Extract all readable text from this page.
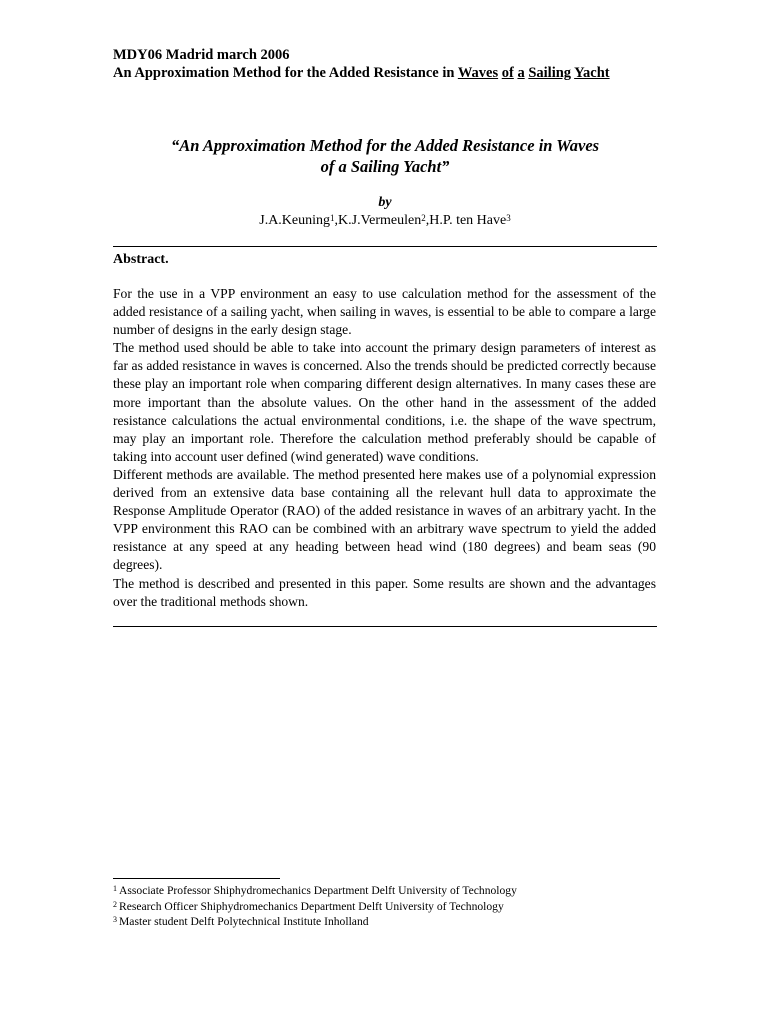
MDY06 Madrid march 2006
An Approximation Method for the Added Resistance in Waves of a Sailing Yacht
“An Approximation Method for the Added Resistance in Waves
of a Sailing Yacht”
by
J.A.Keuning$^1$,K.J.Vermeulen$^2$,H.P. ten Have$^3$
Abstract.

For the use in a VPP environment an easy to use calculation method for the assessment of the added resistance of a sailing yacht, when sailing in waves, is essential to be able to compare a large number of designs in the early design stage.

The method used should be able to take into account the primary design parameters of interest as far as added resistance in waves is concerned. Also the trends should be predicted correctly because these play an important role when comparing different design alternatives. In many cases these are more important than the absolute values. On the other hand in the assessment of the added resistance calculations the actual environmental conditions, i.e. the shape of the wave spectrum, may play an important role. Therefore the calculation method preferably should be capable of taking into account user defined (wind generated) wave conditions.

Different methods are available. The method presented here makes use of a polynomial expression derived from an extensive data base containing all the relevant hull data to approximate the Response Amplitude Operator (RAO) of the added resistance in waves of an arbitrary yacht. In the VPP environment this RAO can be combined with an arbitrary wave spectrum to yield the added resistance at any speed at any heading between head wind (180 degrees) and beam seas (90 degrees).

The method is described and presented in this paper. Some results are shown and the advantages over the traditional methods shown.

$^1$ Associate Professor Shiphydromechanics Department Delft University of Technology
$^2$ Research Officer Shiphydromechanics Department Delft University of Technology
$^3$ Master student Delft Polytechnical Institute Inholland
